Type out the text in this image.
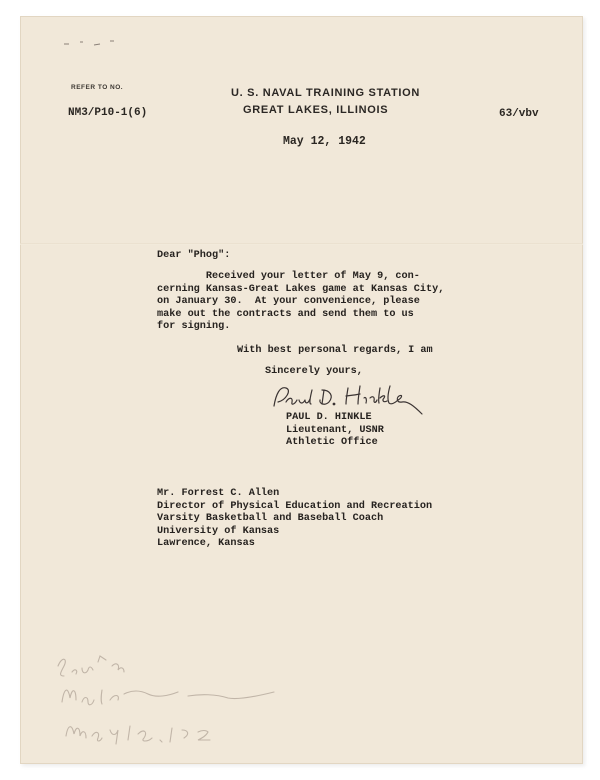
REFER TO NO.
NM3/P10-1(6)
U. S. NAVAL TRAINING STATION
GREAT LAKES, ILLINOIS	63/vbv
May 12, 1942
Dear "Phog":
Received your letter of May 9, con-
cerning Kansas-Great Lakes game at Kansas City,
on January 30.  At your convenience, please
make out the contracts and send them to us
for signing.
With best personal regards, I am
Sincerely yours,
PAUL D. HINKLE
Lieutenant, USNR
Athletic Office
Mr. Forrest C. Allen
Director of Physical Education and Recreation
Varsity Basketball and Baseball Coach
University of Kansas
Lawrence, Kansas
